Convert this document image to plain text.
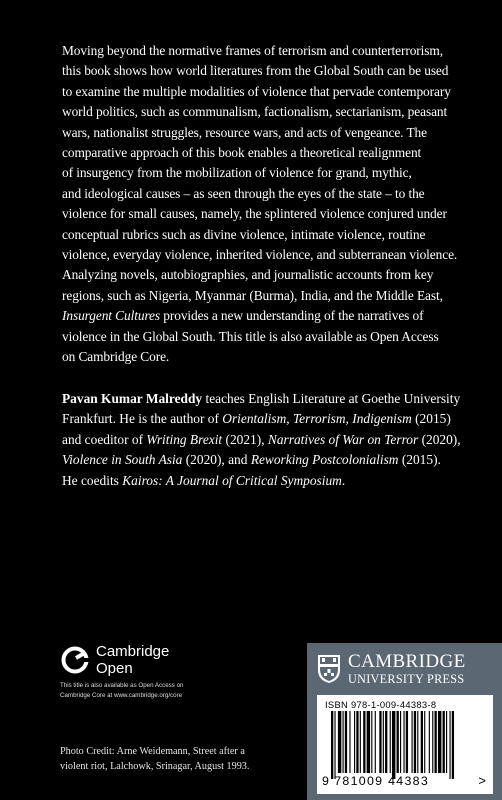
Moving beyond the normative frames of terrorism and counterterrorism,

this book shows how world literatures from the Global South can be used

to examine the multiple modalities of violence that pervade contemporary

world politics, such as communalism, factionalism, sectarianism, peasant

wars, nationalist struggles, resource wars, and acts of vengeance. The

comparative approach of this book enables a theoretical realignment

of insurgency from the mobilization of violence for grand, mythic,

and ideological causes – as seen through the eyes of the state – to the

violence for small causes, namely, the splintered violence conjured under

conceptual rubrics such as divine violence, intimate violence, routine

violence, everyday violence, inherited violence, and subterranean violence.

Analyzing novels, autobiographies, and journalistic accounts from key

regions, such as Nigeria, Myanmar (Burma), India, and the Middle East,

Insurgent Cultures provides a new understanding of the narratives of

violence in the Global South. This title is also available as Open Access

on Cambridge Core.

Pavan Kumar Malreddy teaches English Literature at Goethe University

Frankfurt. He is the author of Orientalism, Terrorism, Indigenism (2015)

and coeditor of Writing Brexit (2021), Narratives of War on Terror (2020),

Violence in South Asia (2020), and Reworking Postcolonialism (2015).

He coedits Kairos: A Journal of Critical Symposium.

Cambridge
Open
This title is also available as Open Access on
Cambridge Core at www.cambridge.org/core
Photo Credit: Arne Weidemann, Street after a
violent riot, Lalchowk, Srinagar, August 1993.
CAMBRIDGE
UNIVERSITY PRESS
ISBN 978-1-009-44383-8
9 781009 44383	>
